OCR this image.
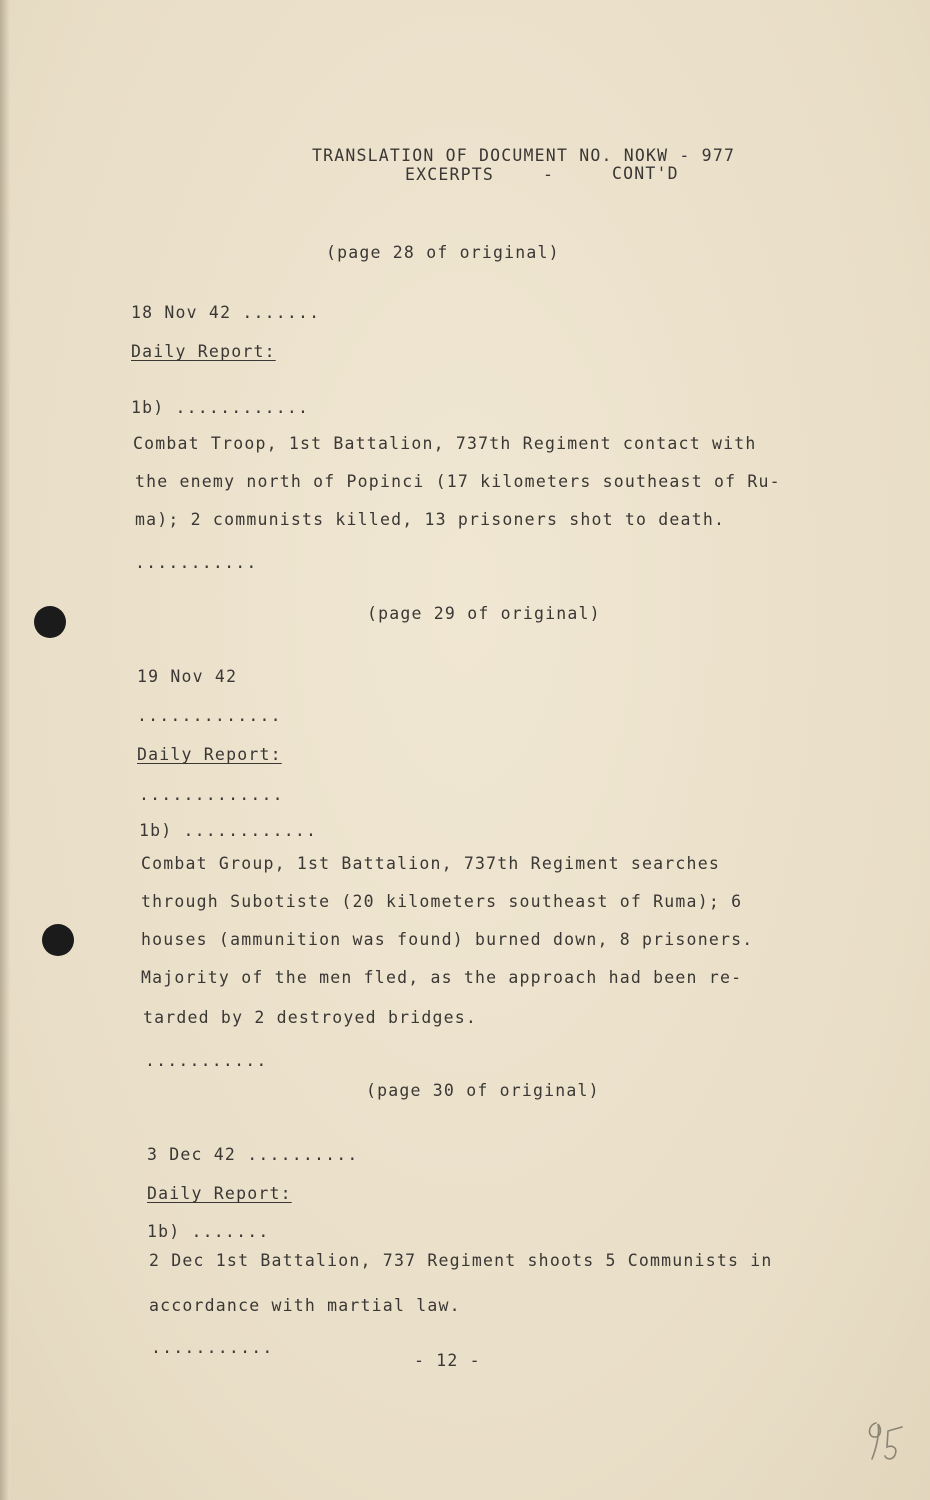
TRANSLATION OF DOCUMENT NO. NOKW - 977
EXCERPTS	-	CONT'D
(page 28 of original)
18 Nov 42 .......
Daily Report:
1b) ............
Combat Troop, 1st Battalion, 737th Regiment contact with
the enemy north of Popinci (17 kilometers southeast of Ru-
ma); 2 communists killed, 13 prisoners shot to death.
...........
(page 29 of original)
19 Nov 42
.............
Daily Report:
.............
1b) ............
Combat Group, 1st Battalion, 737th Regiment searches
through Subotiste (20 kilometers southeast of Ruma); 6
houses (ammunition was found) burned down, 8 prisoners.
Majority of the men fled, as the approach had been re-
tarded by 2 destroyed bridges.
...........
(page 30 of original)
3 Dec 42 ..........
Daily Report:
1b) .......
2 Dec 1st Battalion, 737 Regiment shoots 5 Communists in
accordance with martial law.
...........
- 12 -
